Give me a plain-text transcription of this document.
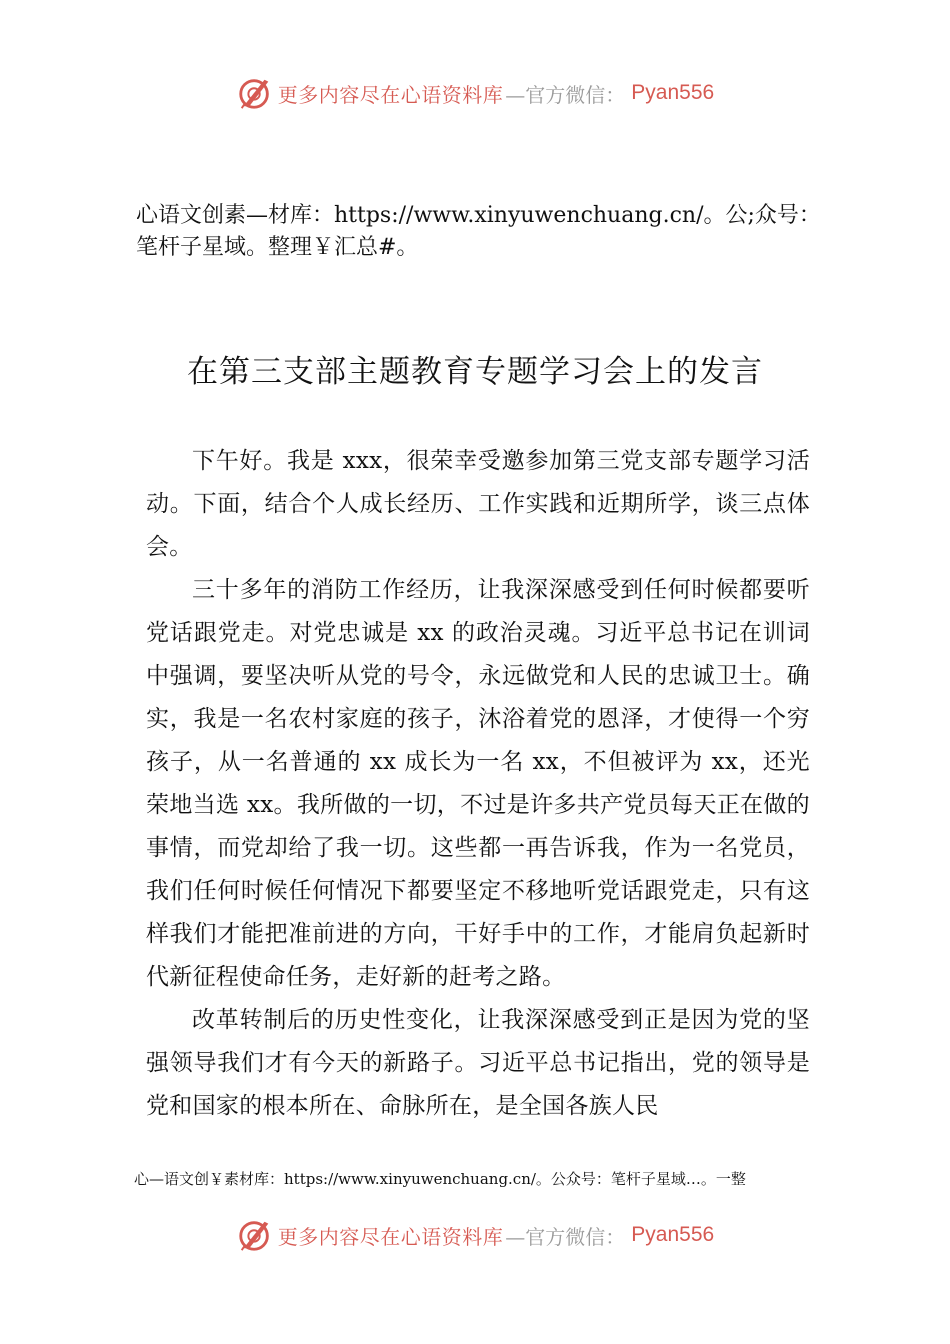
更多内容尽在心语资料库 —官方微信： Pyan556

心语文创素—材库：https://www.xinyuwenchuang.cn/。公;众号：笔杆子星域。整理￥汇总#。

在第三支部主题教育专题学习会上的发言

下午好。我是 xxx，很荣幸受邀参加第三党支部专题学习活动。下面，结合个人成长经历、工作实践和近期所学，谈三点体会。

三十多年的消防工作经历，让我深深感受到任何时候都要听党话跟党走。对党忠诚是 xx 的政治灵魂。习近平总书记在训词中强调，要坚决听从党的号令，永远做党和人民的忠诚卫士。确实，我是一名农村家庭的孩子，沐浴着党的恩泽，才使得一个穷孩子，从一名普通的 xx 成长为一名 xx，不但被评为 xx，还光荣地当选 xx。我所做的一切，不过是许多共产党员每天正在做的事情，而党却给了我一切。这些都一再告诉我，作为一名党员，我们任何时候任何情况下都要坚定不移地听党话跟党走，只有这样我们才能把准前进的方向，干好手中的工作，才能肩负起新时代新征程使命任务，走好新的赶考之路。

改革转制后的历史性变化，让我深深感受到正是因为党的坚强领导我们才有今天的新路子。习近平总书记指出，党的领导是党和国家的根本所在、命脉所在，是全国各族人民

心—语文创￥素材库：https://www.xinyuwenchuang.cn/。公众号：笔杆子星域…。一整

更多内容尽在心语资料库 —官方微信： Pyan556
